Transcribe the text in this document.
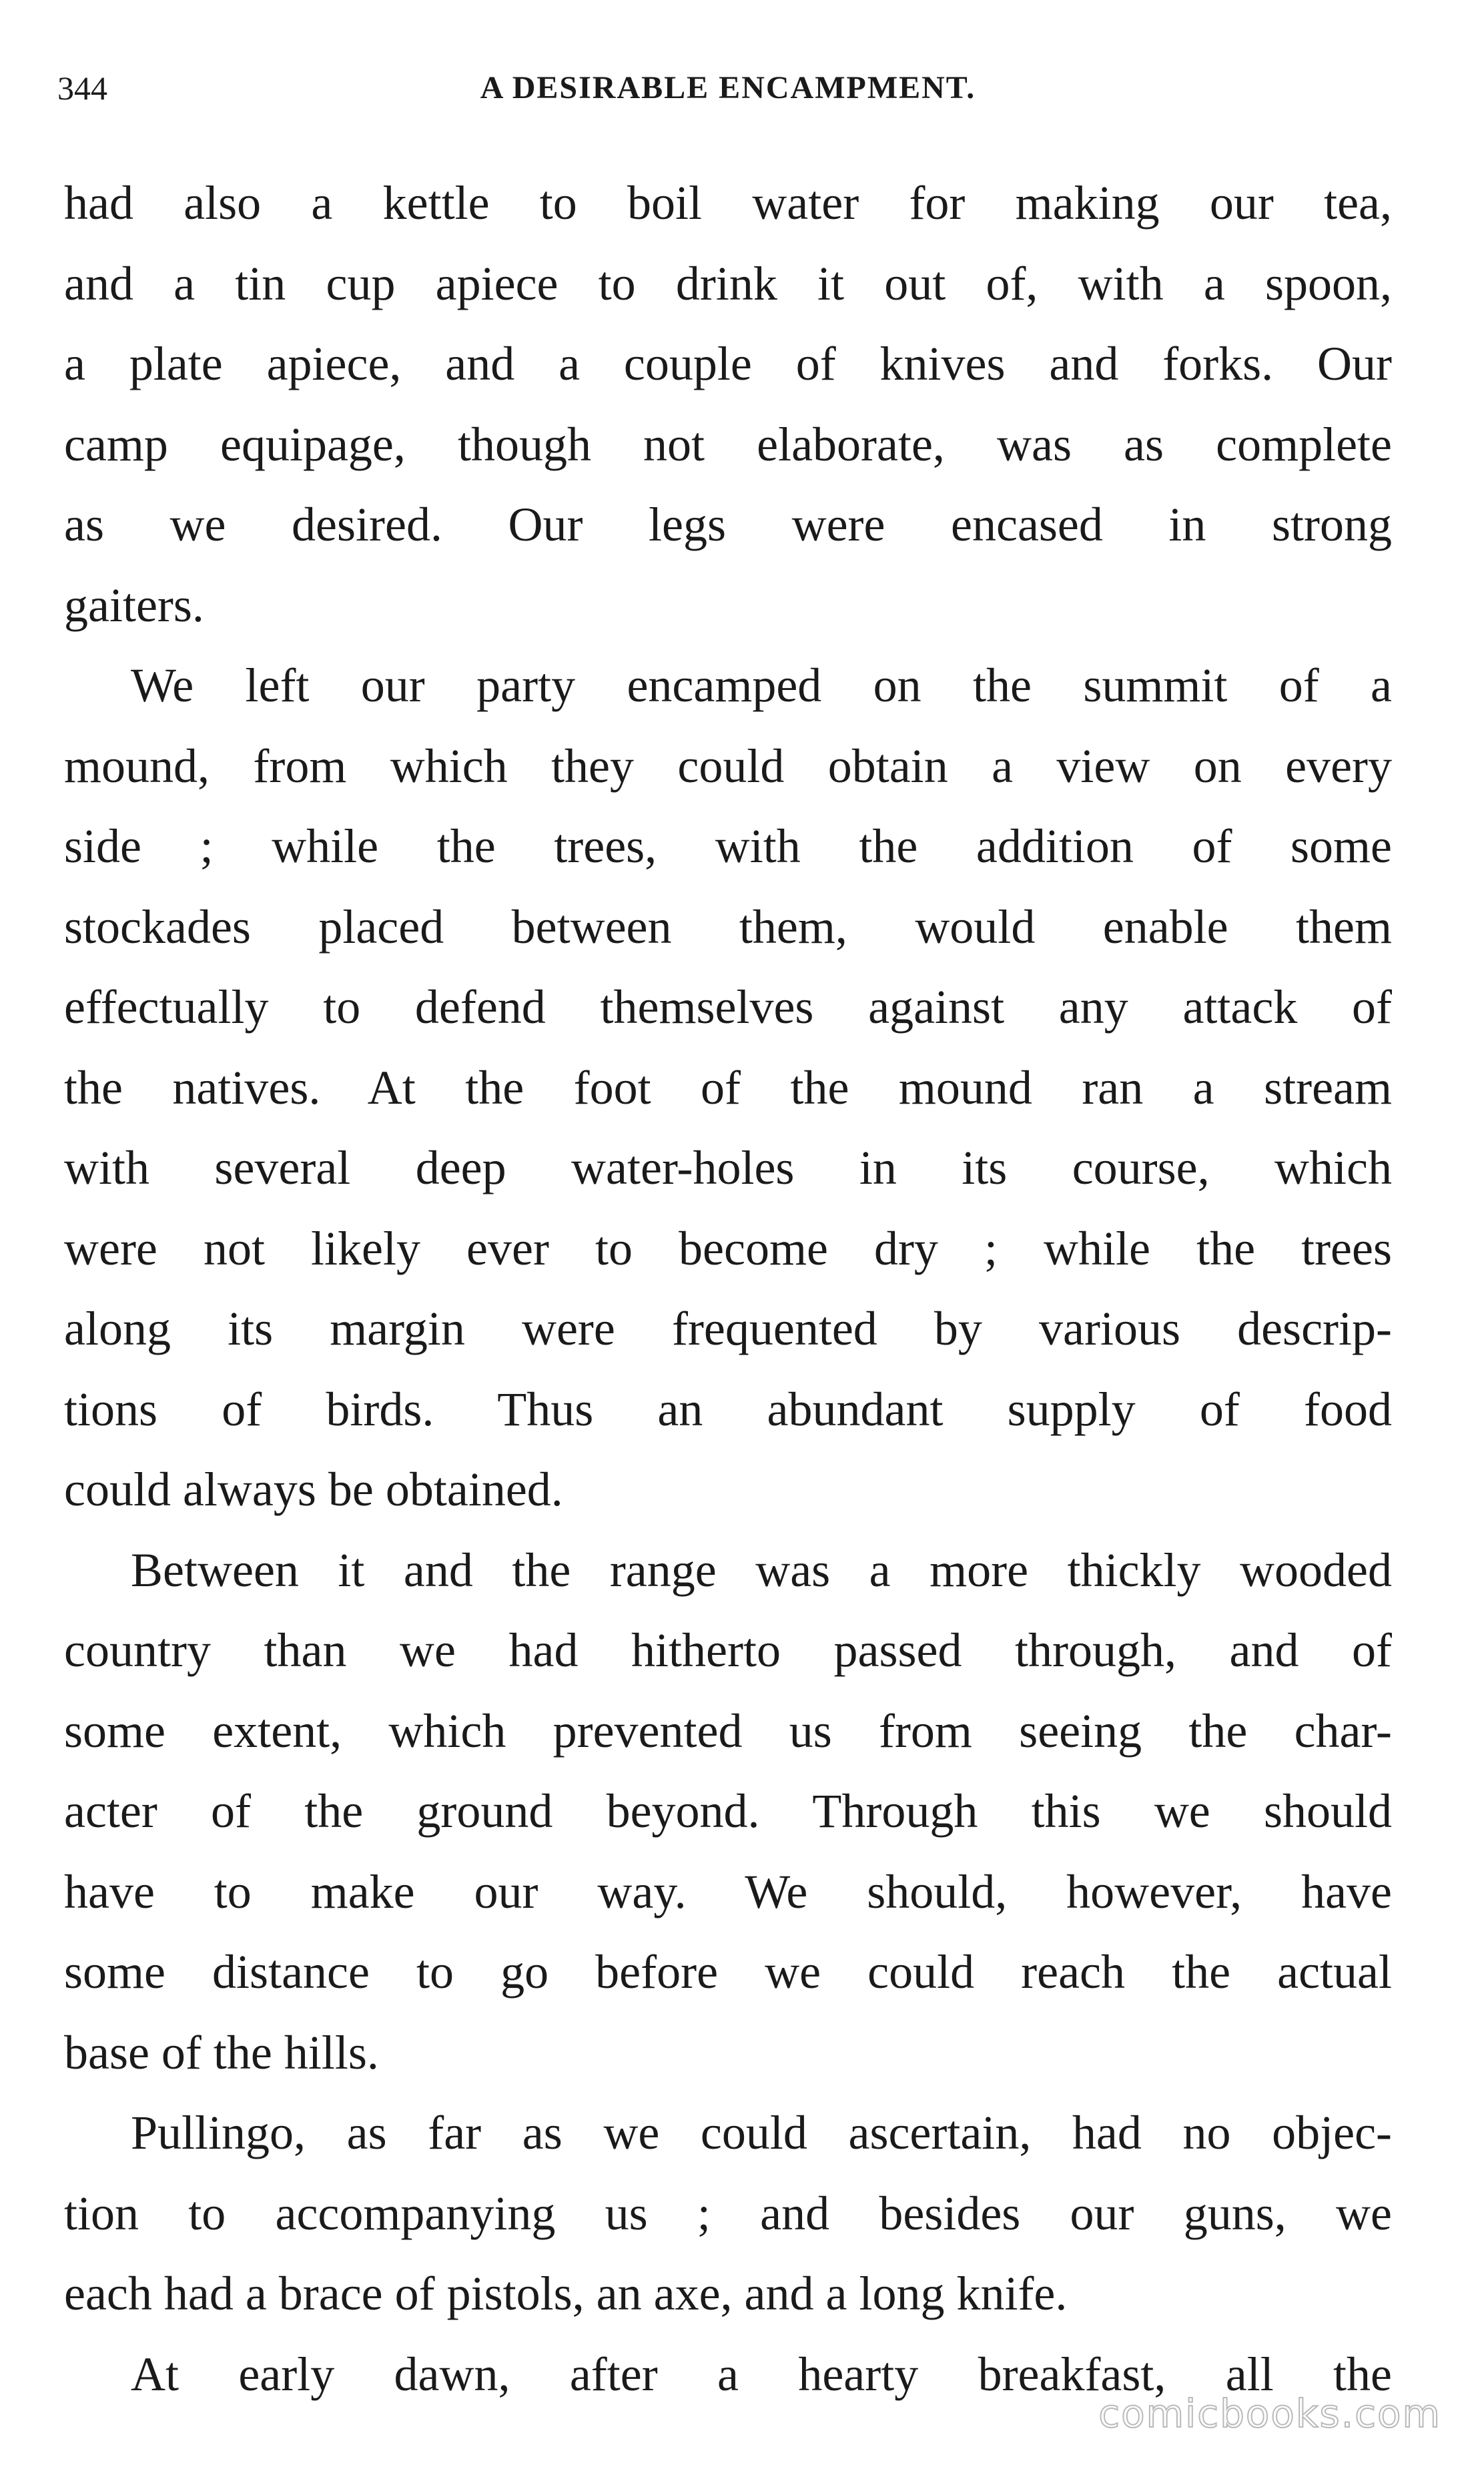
344	A DESIRABLE ENCAMPMENT.
had also a kettle to boil water for making our tea,
and a tin cup apiece to drink it out of, with a spoon,
a plate apiece, and a couple of knives and forks. Our
camp equipage, though not elaborate, was as complete
as we desired. Our legs were encased in strong
gaiters.
We left our party encamped on the summit of a
mound, from which they could obtain a view on every
side ; while the trees, with the addition of some
stockades placed between them, would enable them
effectually to defend themselves against any attack of
the natives. At the foot of the mound ran a stream
with several deep water-holes in its course, which
were not likely ever to become dry ; while the trees
along its margin were frequented by various descrip-
tions of birds. Thus an abundant supply of food
could always be obtained.
Between it and the range was a more thickly wooded
country than we had hitherto passed through, and of
some extent, which prevented us from seeing the char-
acter of the ground beyond. Through this we should
have to make our way. We should, however, have
some distance to go before we could reach the actual
base of the hills.
Pullingo, as far as we could ascertain, had no objec-
tion to accompanying us ; and besides our guns, we
each had a brace of pistols, an axe, and a long knife.
At early dawn, after a hearty breakfast, all the
comicbooks.com
